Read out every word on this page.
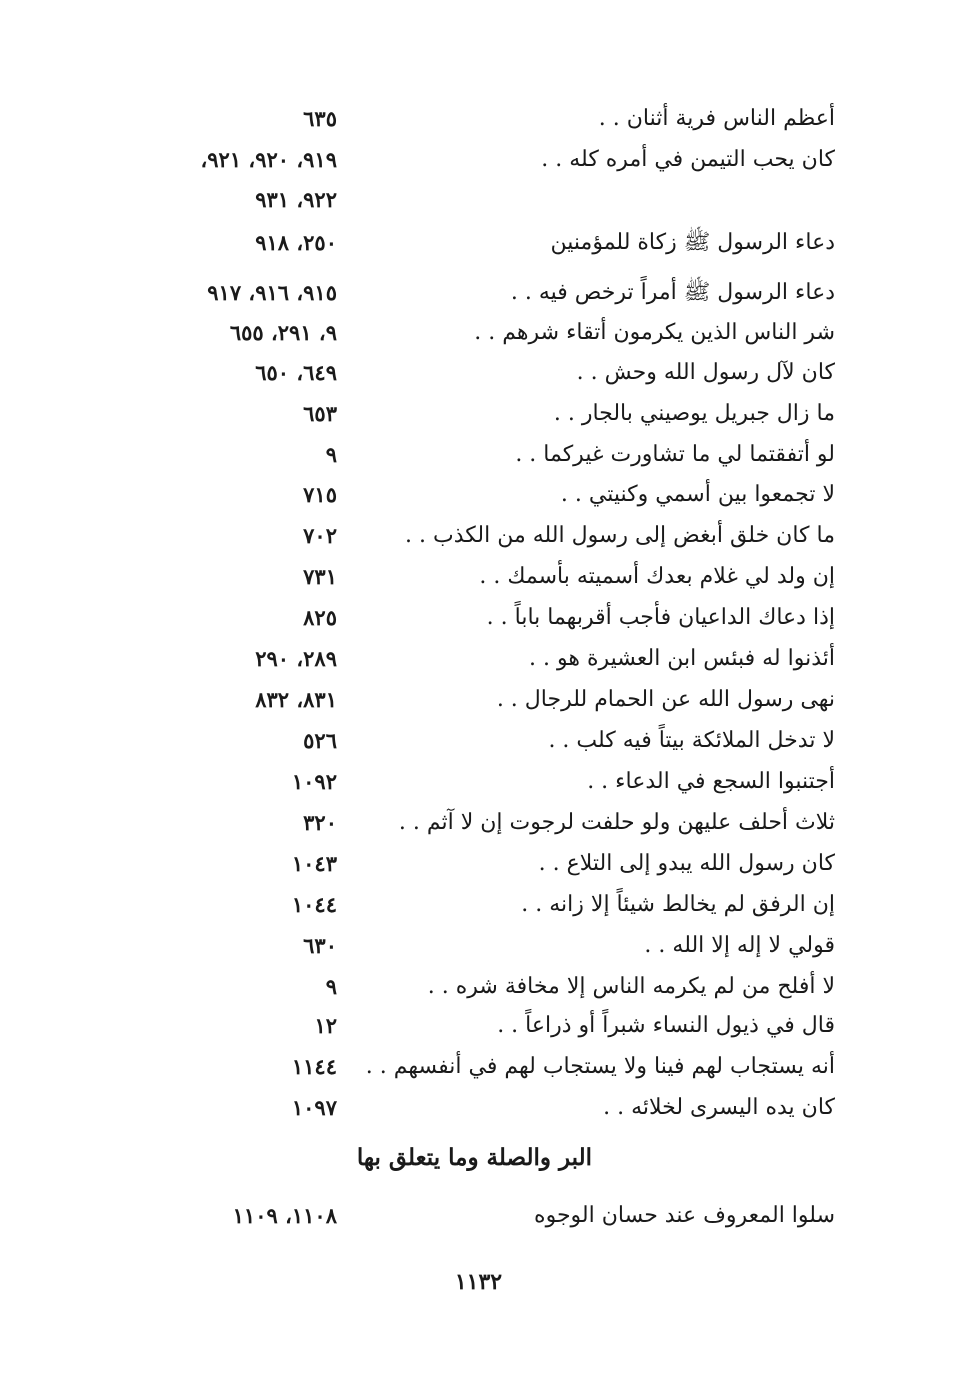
أعظم الناس فرية أثنان . .
٦٣٥
كان يحب التيمن في أمره كله . .
٩١٩، ٩٢٠، ٩٢١،
٩٢٢، ٩٣١
دعاء الرسول ﷺ زكاة للمؤمنين
٢٥٠، ٩١٨
دعاء الرسول ﷺ أمراً ترخص فيه . .
٩١٥، ٩١٦، ٩١٧
شر الناس الذين يكرمون أتقاء شرهم . .
٩، ٢٩١، ٦٥٥
كان لآل رسول الله وحش . .
٦٤٩، ٦٥٠
ما زال جبريل يوصيني بالجار . .
٦٥٣
لو أتفقتما لي ما تشاورت غيركما . .
٩
لا تجمعوا بين أسمي وكنيتي . .
٧١٥
ما كان خلق أبغض إلى رسول الله من الكذب . .
٧٠٢
إن ولد لي غلام بعدك أسميته بأسمك . .
٧٣١
إذا دعاك الداعيان فأجب أقربهما باباً . .
٨٢٥
أئذنوا له فبئس ابن العشيرة هو . .
٢٨٩، ٢٩٠
نهى رسول الله عن الحمام للرجال . .
٨٣١، ٨٣٢
لا تدخل الملائكة بيتاً فيه كلب . .
٥٢٦
أجتنبوا السجع في الدعاء . .
١٠٩٢
ثلاث أحلف عليهن ولو حلفت لرجوت إن لا آثم . .
٣٢٠
كان رسول الله يبدو إلى التلاع . .
١٠٤٣
إن الرفق لم يخالط شيئاً إلا زانه . .
١٠٤٤
قولي لا إله إلا الله . .
٦٣٠
لا أفلح من لم يكرمه الناس إلا مخافة شره . .
٩
قال في ذيول النساء شبراً أو ذراعاً . .
١٢
أنه يستجاب لهم فينا ولا يستجاب لهم في أنفسهم . .
١١٤٤
كان يده اليسرى لخلائه . .
١٠٩٧
البر والصلة وما يتعلق بها
سلوا المعروف عند حسان الوجوه
١١٠٨، ١١٠٩
١١٣٢
